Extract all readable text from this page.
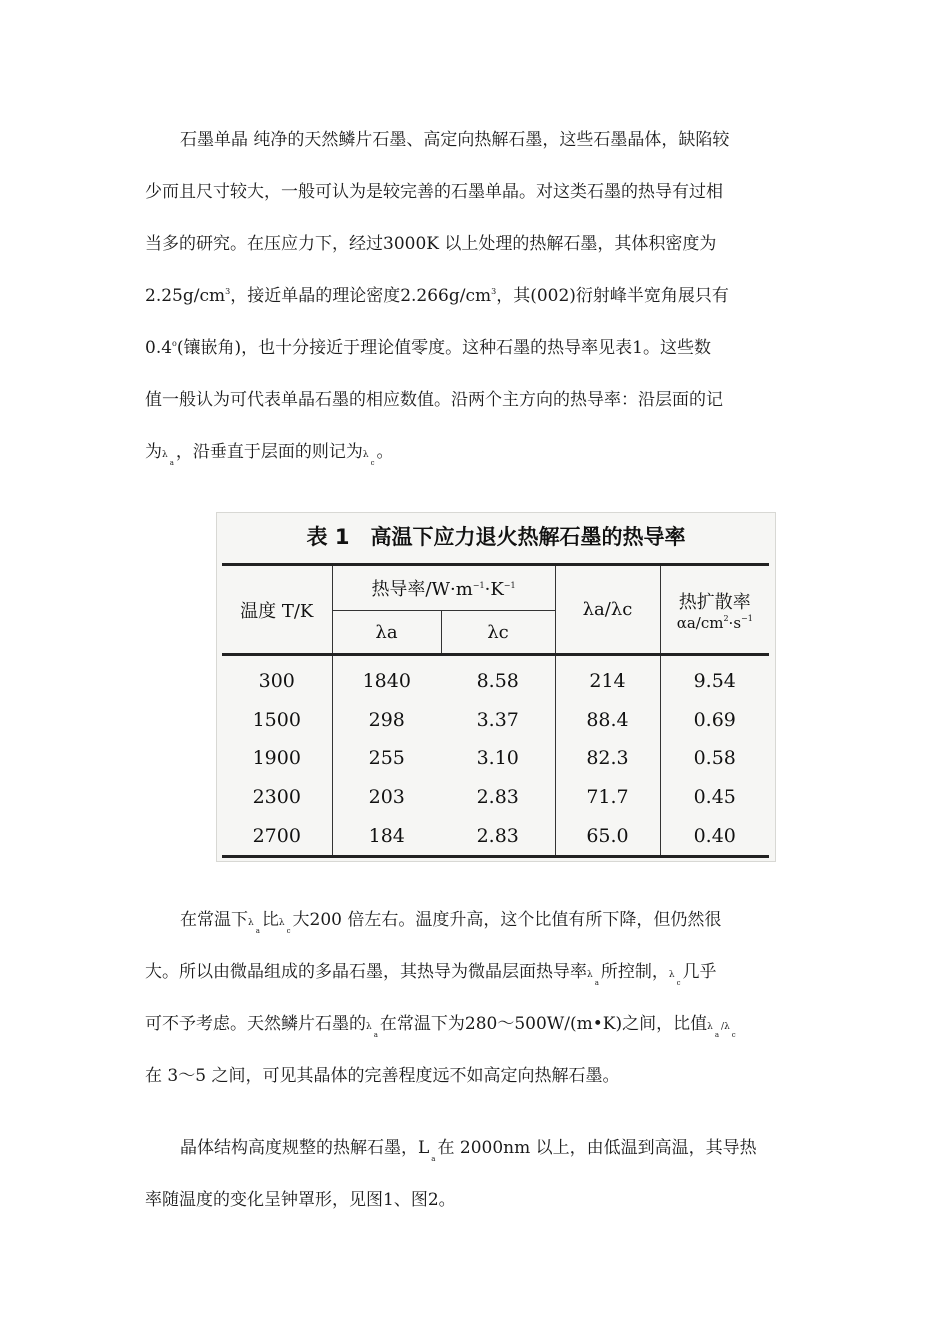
石墨单晶 纯净的天然鳞片石墨、高定向热解石墨，这些石墨晶体，缺陷较
少而且尺寸较大，一般可认为是较完善的石墨单晶。对这类石墨的热导有过相
当多的研究。在压应力下，经过3000K 以上处理的热解石墨，其体积密度为
$2.25g/cm^3$，接近单晶的理论密度$2.266g/cm^3$，其(002)衍射峰半宽角展只有
0.4$^o$(镶嵌角)，也十分接近于理论值零度。这种石墨的热导率见表1。这些数
值一般认为可代表单晶石墨的相应数值。沿两个主方向的热导率：沿层面的记
为$\lambda_a$，沿垂直于层面的则记为$\lambda_c$。
表 1　高温下应力退火热解石墨的热导率
温度 T/K	热导率$/W\cdot m^{-1}\cdot K^{-1}$		λa/λc	热扩散率
$\alpha a/cm^2\cdot s^{-1}$

	λa	λc		
300	1840	8.58	214	9.54
1500	298	3.37	88.4	0.69
1900	255	3.10	82.3	0.58
2300	203	2.83	71.7	0.45
2700	184	2.83	65.0	0.40
在常温下$\lambda_a$比$\lambda_c$大200 倍左右。温度升高，这个比值有所下降，但仍然很
大。所以由微晶组成的多晶石墨，其热导为微晶层面热导率$\lambda_a$所控制，$\lambda_c$几乎
可不予考虑。天然鳞片石墨的$\lambda_a$在常温下为280～500W/(m•K)之间，比值$\lambda_a/\lambda_c$
在 3～5 之间，可见其晶体的完善程度远不如高定向热解石墨。
晶体结构高度规整的热解石墨，$L_a$在 2000nm 以上，由低温到高温，其导热
率随温度的变化呈钟罩形，见图1、图2。
